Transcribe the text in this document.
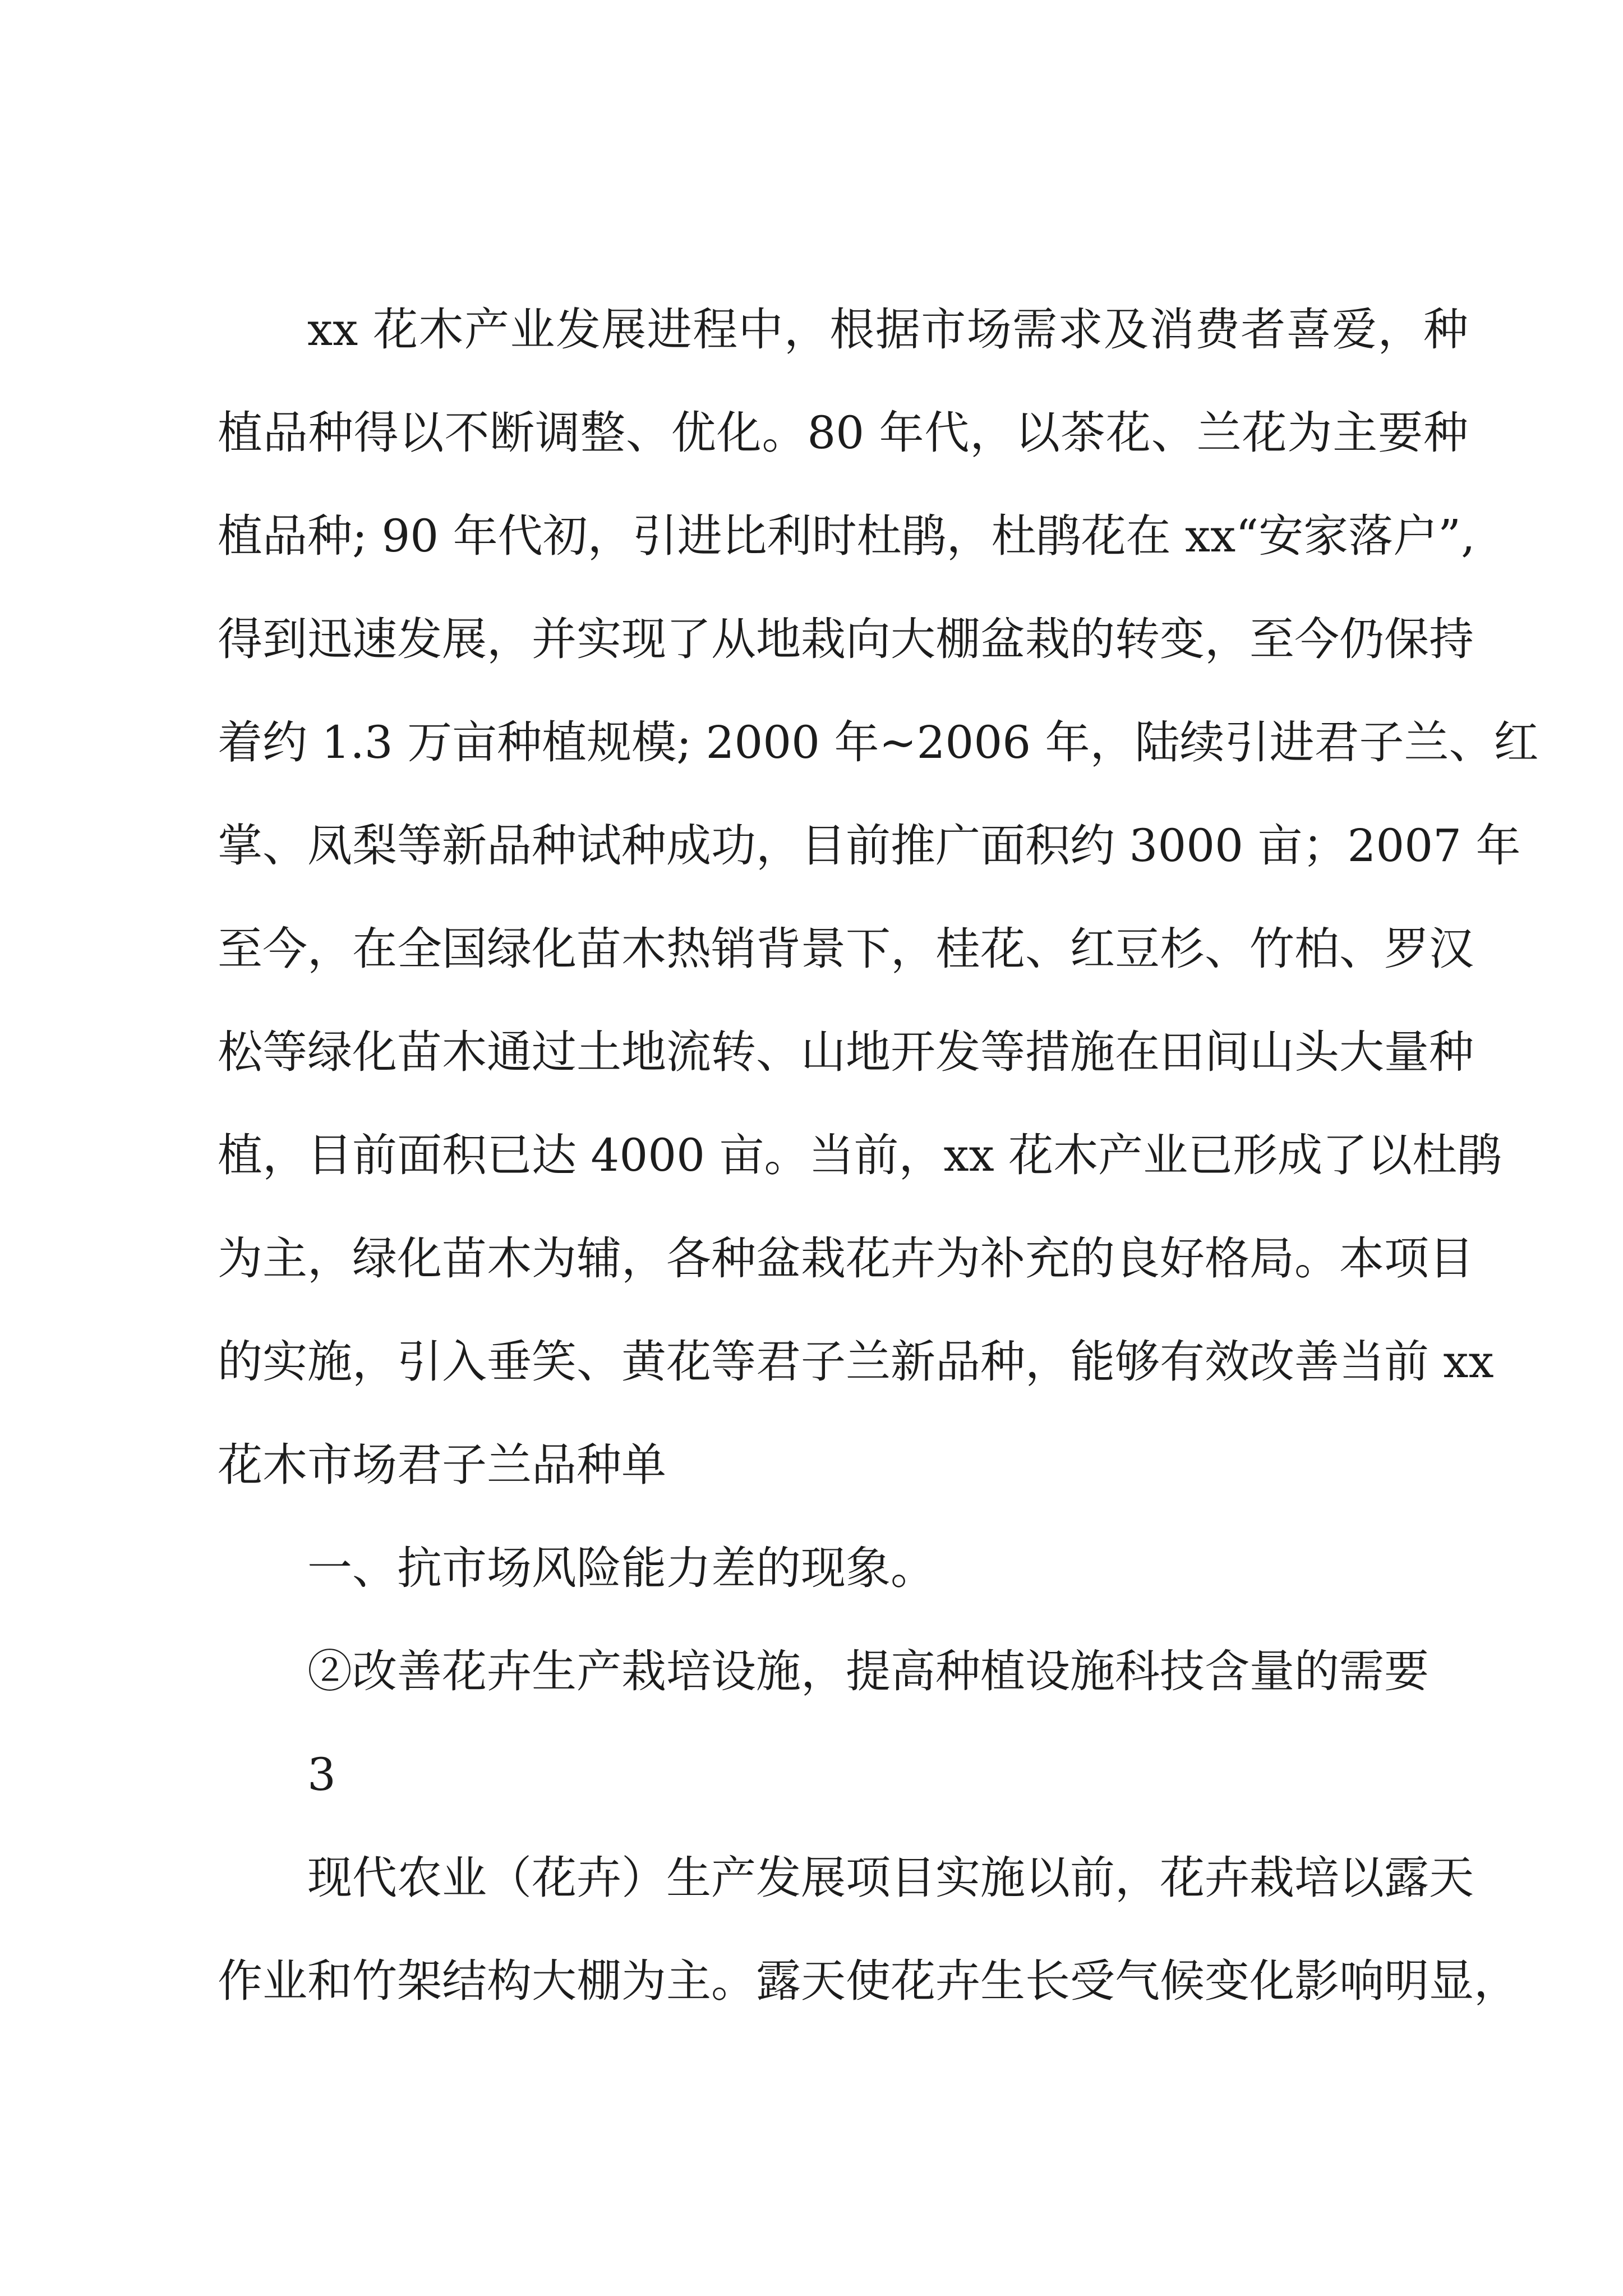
xx 花木产业发展进程中，根据市场需求及消费者喜爱，种
植品种得以不断调整、优化。80 年代，以茶花、兰花为主要种
植品种; 90 年代初，引进比利时杜鹃，杜鹃花在 xx“安家落户”,
得到迅速发展，并实现了从地栽向大棚盆栽的转变，至今仍保持
着约 1.3 万亩种植规模; 2000 年~2006 年，陆续引进君子兰、红
掌、凤梨等新品种试种成功，目前推广面积约 3000 亩；2007 年
至今，在全国绿化苗木热销背景下，桂花、红豆杉、竹柏、罗汉
松等绿化苗木通过土地流转、山地开发等措施在田间山头大量种
植，目前面积已达 4000 亩。当前，xx 花木产业已形成了以杜鹃
为主，绿化苗木为辅，各种盆栽花卉为补充的良好格局。本项目
的实施，引入垂笑、黄花等君子兰新品种，能够有效改善当前 xx
花木市场君子兰品种单
一、抗市场风险能力差的现象。
②改善花卉生产栽培设施，提高种植设施科技含量的需要
3
现代农业（花卉）生产发展项目实施以前，花卉栽培以露天
作业和竹架结构大棚为主。露天使花卉生长受气候变化影响明显，
